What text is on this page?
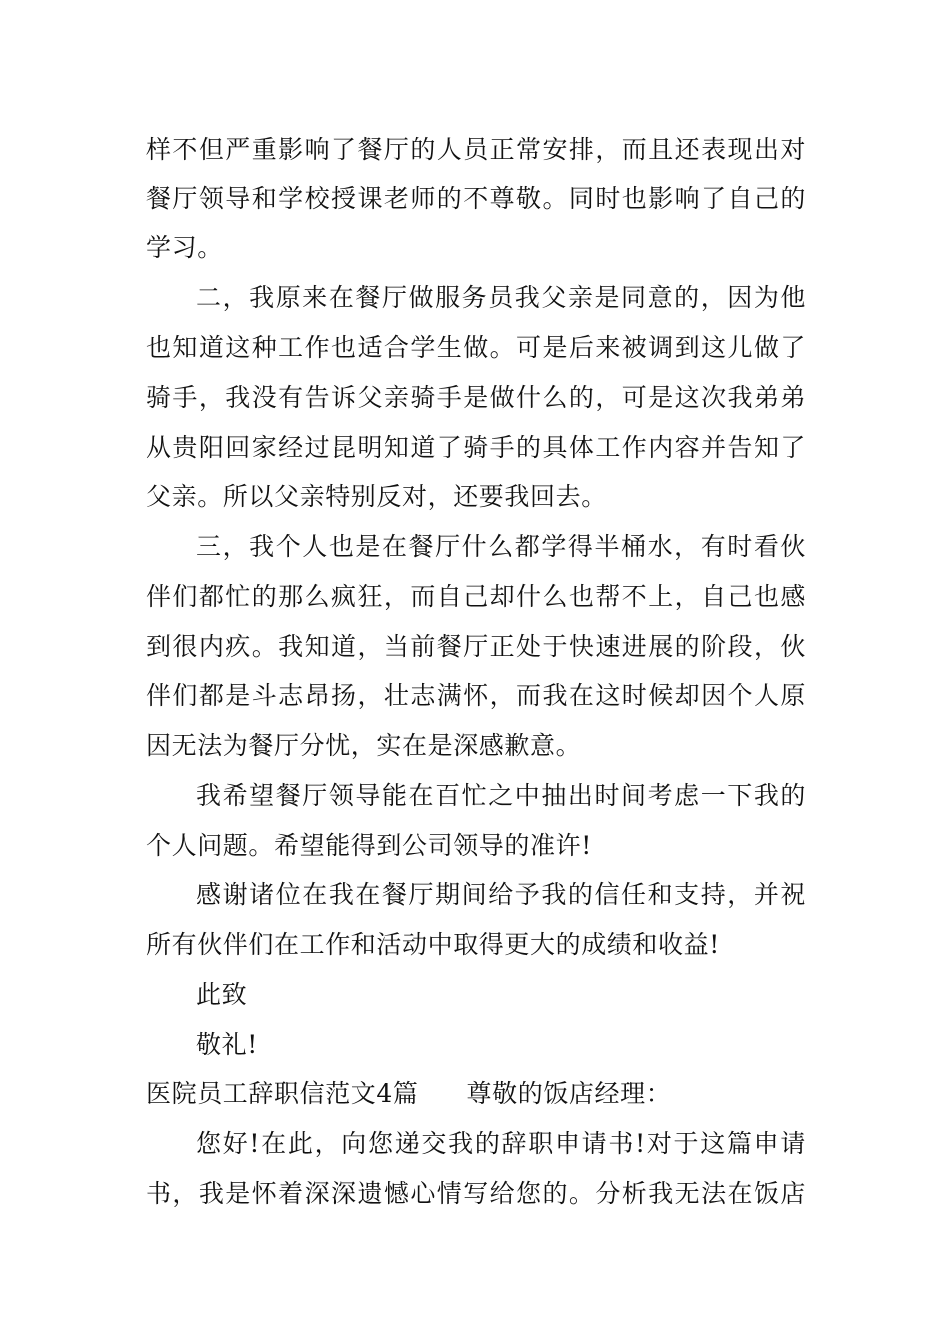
样不但严重影响了餐厅的人员正常安排，而且还表现出对
餐厅领导和学校授课老师的不尊敬。同时也影响了自己的
学习。
二，我原来在餐厅做服务员我父亲是同意的，因为他
也知道这种工作也适合学生做。可是后来被调到这儿做了
骑手，我没有告诉父亲骑手是做什么的，可是这次我弟弟
从贵阳回家经过昆明知道了骑手的具体工作内容并告知了
父亲。所以父亲特别反对，还要我回去。
三，我个人也是在餐厅什么都学得半桶水，有时看伙
伴们都忙的那么疯狂，而自己却什么也帮不上，自己也感
到很内疚。我知道，当前餐厅正处于快速进展的阶段，伙
伴们都是斗志昂扬，壮志满怀，而我在这时候却因个人原
因无法为餐厅分忧，实在是深感歉意。
我希望餐厅领导能在百忙之中抽出时间考虑一下我的
个人问题。希望能得到公司领导的准许!
感谢诸位在我在餐厅期间给予我的信任和支持，并祝
所有伙伴们在工作和活动中取得更大的成绩和收益!
此致
敬礼!
医院员工辞职信范文4篇 尊敬的饭店经理：
您好!在此，向您递交我的辞职申请书!对于这篇申请
书，我是怀着深深遗憾心情写给您的。分析我无法在饭店
